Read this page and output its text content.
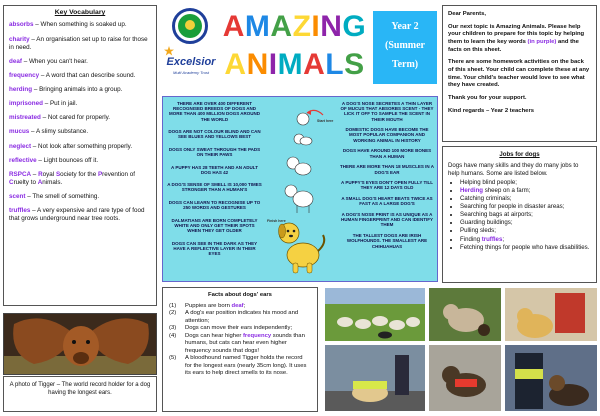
Key Vocabulary
absorbs – When something is soaked up.
charity – An organisation set up to raise for those in need.
deaf – When you can't hear.
frequency – A word that can describe sound.
herding – Bringing animals into a group.
imprisoned – Put in jail.
mistreated – Not cared for properly.
mucus – A slimy substance.
neglect – Not look after something properly.
reflective – Light bounces off it.
RSPCA – Royal Society for the Prevention of Cruelty to Animals.
scent – The smell of something.
truffles – A very expensive and rare type of food that grows underground near tree roots.
Excelsior
Multi Academy Trust
AMAZING
ANIMALS
Year 2
(Summer
Term)

Dear Parents,

Our next topic is Amazing Animals. Please help your children to prepare for this topic by helping them to learn the key words (in purple) and the facts on this sheet.

There are some homework activities on the back of this sheet. Your child can complete these at any time. Your child's teacher would love to see what they have created.

Thank you for your support.

Kind regards – Year 2 teachers

THERE ARE OVER 400 DIFFERENT RECOGNISED BREEDS OF DOGS AND MORE THAN 400 MILLION DOGS AROUND THE WORLD
DOGS ARE NOT COLOUR BLIND AND CAN SEE BLUES AND YELLOWS BEST
DOGS ONLY SWEAT THROUGH THE PADS ON THEIR PAWS
A PUPPY HAS 28 TEETH AND AN ADULT DOG HAS 42
A DOG'S SENSE OF SMELL IS 10,000 TIMES STRONGER THAN A HUMAN'S
DOGS CAN LEARN TO RECOGNISE UP TO 250 WORDS AND GESTURES
DALMATIANS ARE BORN COMPLETELY WHITE AND ONLY GET THEIR SPOTS WHEN THEY GET OLDER
DOGS CAN SEE IN THE DARK AS THEY HAVE A REFLECTIVE LAYER IN THEIR EYES
Start here
Finish here
A DOG'S NOSE SECRETES A THIN LAYER OF MUCUS THAT ABSORBS SCENT - THEY LICK IT OFF TO SAMPLE THE SCENT IN THEIR MOUTH
DOMESTIC DOGS HAVE BECOME THE MOST POPULAR COMPANION AND WORKING ANIMAL IN HISTORY
DOGS HAVE AROUND 100 MORE BONES THAN A HUMAN
THERE ARE MORE THAN 18 MUSCLES IN A DOG'S EAR
A PUPPY'S EYES DON'T OPEN FULLY TILL THEY ARE 12 DAYS OLD
A SMALL DOG'S HEART BEATS TWICE AS FAST AS A LARGE DOG'S
A DOG'S NOSE PRINT IS AS UNIQUE AS A HUMAN FINGERPRINT AND CAN IDENTIFY THEM
THE TALLEST DOGS ARE IRISH WOLFHOUNDS. THE SMALLEST ARE CHIHUAHUAS
Jobs for dogs
Dogs have many skills and they do many jobs to help humans. Some are listed below.
• Helping blind people;
• Herding sheep on a farm;
• Catching criminals;
• Searching for people in disaster areas;
• Searching bags at airports;
• Guarding buildings;
• Pulling sleds;
• Finding truffles;
• Fetching things for people who have disabilities.
A photo of Tigger – The world record holder for a dog having the longest ears.
Facts about dogs' ears
(1)	Puppies are born deaf;
(2)	A dog's ear position indicates his mood and attention;
(3)	Dogs can move their ears independently;
(4)	Dogs can hear higher frequency sounds than humans, but cats can hear even higher frequency sounds that dogs!
(5)	A bloodhound named Tigger holds the record for the longest ears (nearly 35cm long). It uses its ears to help direct smells to its nose.
